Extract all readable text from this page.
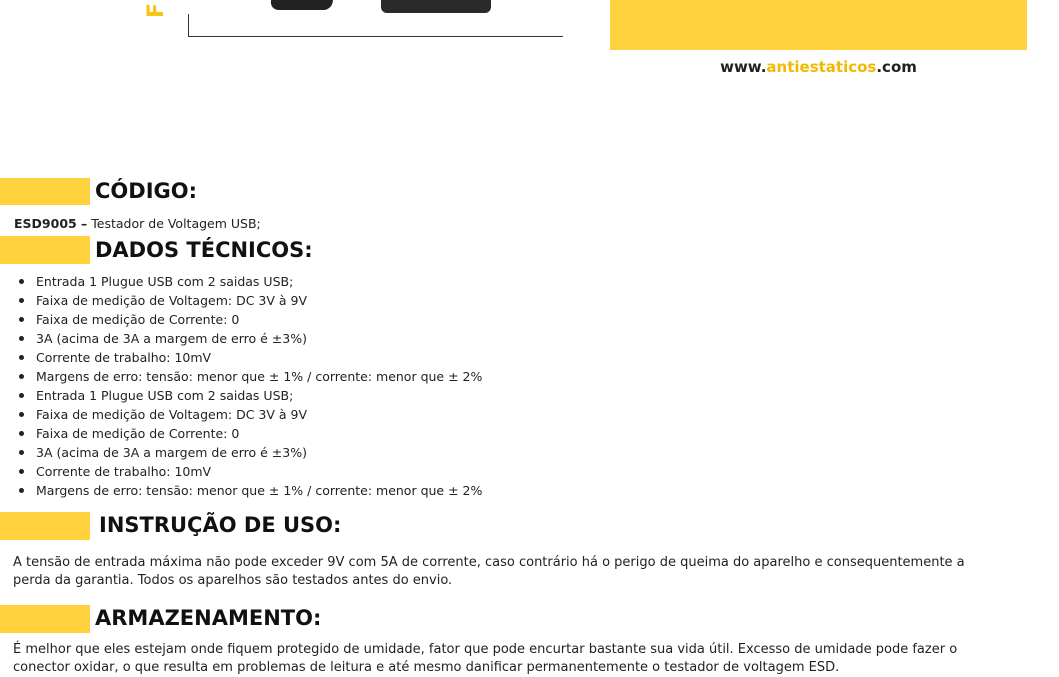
F
www.antiestaticos.com
CÓDIGO:
ESD9005 – Testador de Voltagem USB;
DADOS TÉCNICOS:
Entrada 1 Plugue USB com 2 saidas USB;
Faixa de medição de Voltagem: DC 3V à 9V
Faixa de medição de Corrente: 0
3A (acima de 3A a margem de erro é ±3%)
Corrente de trabalho: 10mV
Margens de erro: tensão: menor que ± 1% / corrente: menor que ± 2%
Entrada 1 Plugue USB com 2 saidas USB;
Faixa de medição de Voltagem: DC 3V à 9V
Faixa de medição de Corrente: 0
3A (acima de 3A a margem de erro é ±3%)
Corrente de trabalho: 10mV
Margens de erro: tensão: menor que ± 1% / corrente: menor que ± 2%
INSTRUÇÃO DE USO:
A tensão de entrada máxima não pode exceder 9V com 5A de corrente, caso contrário há o perigo de queima do aparelho e consequentemente a perda da garantia. Todos os aparelhos são testados antes do envio.
ARMAZENAMENTO:
É melhor que eles estejam onde fiquem protegido de umidade, fator que pode encurtar bastante sua vida útil. Excesso de umidade pode fazer o conector oxidar, o que resulta em problemas de leitura e até mesmo danificar permanentemente o testador de voltagem ESD.
